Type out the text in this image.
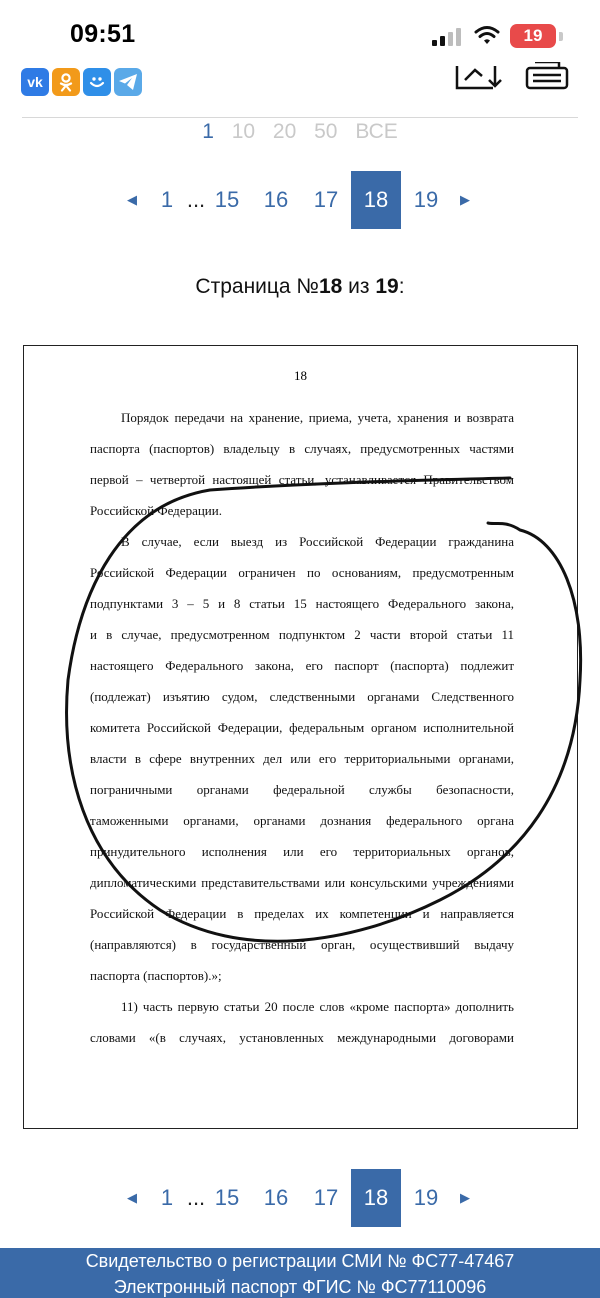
09:51	19
vk
1 10 20 50 ВСЕ
◀	1 ... 15	16	17	18	19	▶
Страница №18 из 19:
18
Порядок передачи на хранение, приема, учета, хранения и возврата
паспорта (паспортов) владельцу в случаях, предусмотренных частями
первой – четвертой настоящей статьи, устанавливается Правительством
Российской Федерации.
В случае, если выезд из Российской Федерации гражданина
Российской Федерации ограничен по основаниям, предусмотренным
подпунктами 3 – 5 и 8 статьи 15 настоящего Федерального закона,
и в случае, предусмотренном подпунктом 2 части второй статьи 11
настоящего Федерального закона, его паспорт (паспорта) подлежит
(подлежат) изъятию судом, следственными органами Следственного
комитета Российской Федерации, федеральным органом исполнительной
власти в сфере внутренних дел или его территориальными органами,
пограничными органами федеральной службы безопасности,
таможенными органами, органами дознания федерального органа
принудительного исполнения или его территориальных органов,
дипломатическими представительствами или консульскими учреждениями
Российской Федерации в пределах их компетенции и направляется
(направляются) в государственный орган, осуществивший выдачу
паспорта (паспортов).»;
11) часть первую статьи 20 после слов «кроме паспорта» дополнить
словами «(в случаях, установленных международными договорами
◀	1 ... 15	16	17	18	19	▶
Свидетельство о регистрации СМИ № ФС77-47467
Электронный паспорт ФГИС № ФС77110096
